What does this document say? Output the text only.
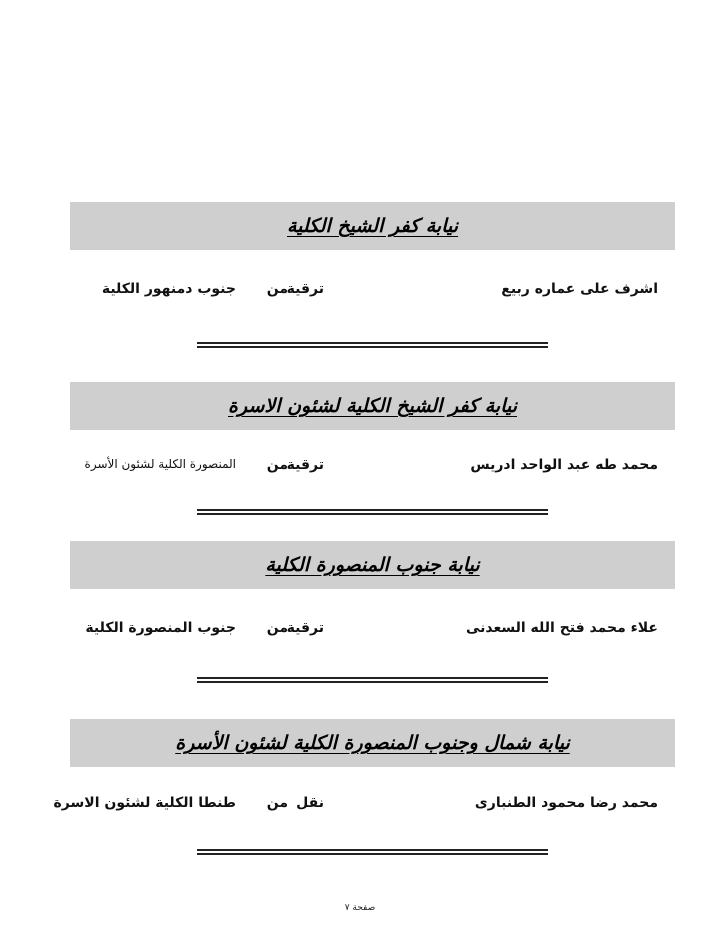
نيابة كفر الشيخ الكلية
اشرف على عماره ربيع
ترقية
من
جنوب دمنهور الكلية
نيابة كفر الشيخ الكلية لشئون الاسرة
محمد طه عبد الواحد ادريس
ترقية
من
المنصورة الكلية لشئون الأسرة
نيابة جنوب المنصورة الكلية
علاء محمد فتح الله السعدنى
ترقية
من
جنوب المنصورة الكلية
نيابة شمال وجنوب المنصورة الكلية لشئون الأسرة
محمد رضا محمود الطنبارى
نقل
من
طنطا الكلية لشئون الاسرة
صفحة ٧
